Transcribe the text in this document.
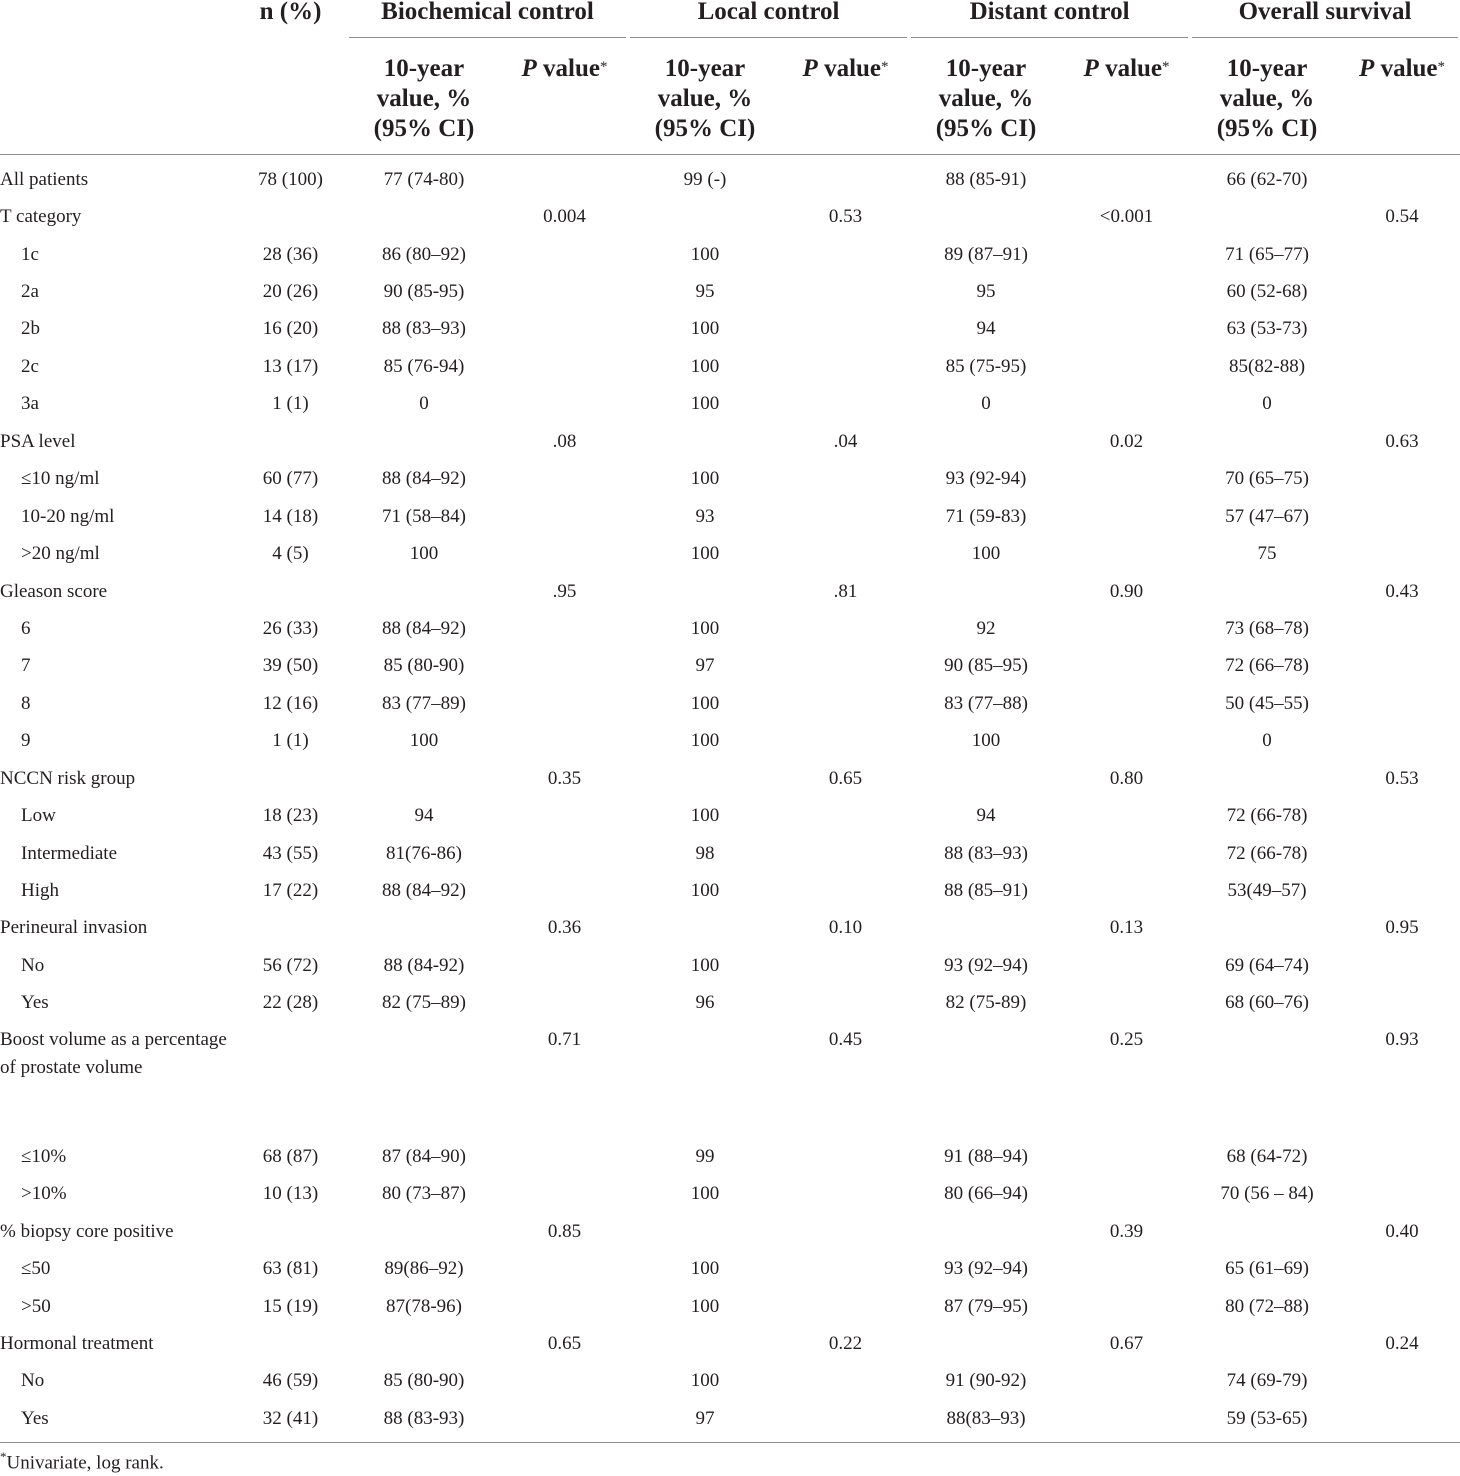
	n (%)	Biochemical control		Local control		Distant control		Overall survival	
		10-year
value, %
(95% CI)	P value*	10-year
value, %
(95% CI)	P value*	10-year
value, %
(95% CI)	P value*	10-year
value, %
(95% CI)	P value*
All patients	78 (100)	77 (74-80)		99 (-)		88 (85-91)		66 (62-70)	
T category			0.004		0.53		<0.001		0.54
1c	28 (36)	86 (80–92)		100		89 (87–91)		71 (65–77)	
2a	20 (26)	90 (85-95)		95		95		60 (52-68)	
2b	16 (20)	88 (83–93)		100		94		63 (53-73)	
2c	13 (17)	85 (76-94)		100		85 (75-95)		85(82-88)	
3a	1 (1)	0		100		0		0	
PSA level			.08		.04		0.02		0.63
≤10 ng/ml	60 (77)	88 (84–92)		100		93 (92-94)		70 (65–75)	
10-20 ng/ml	14 (18)	71 (58–84)		93		71 (59-83)		57 (47–67)	
>20 ng/ml	4 (5)	100		100		100		75	
Gleason score			.95		.81		0.90		0.43
6	26 (33)	88 (84–92)		100		92		73 (68–78)	
7	39 (50)	85 (80-90)		97		90 (85–95)		72 (66–78)	
8	12 (16)	83 (77–89)		100		83 (77–88)		50 (45–55)	
9	1 (1)	100		100		100		0	
NCCN risk group			0.35		0.65		0.80		0.53
Low	18 (23)	94		100		94		72 (66-78)	
Intermediate	43 (55)	81(76-86)		98		88 (83–93)		72 (66-78)	
High	17 (22)	88 (84–92)		100		88 (85–91)		53(49–57)	
Perineural invasion			0.36		0.10		0.13		0.95
No	56 (72)	88 (84-92)		100		93 (92–94)		69 (64–74)	
Yes	22 (28)	82 (75–89)		96		82 (75-89)		68 (60–76)	
Boost volume as a percentage of prostate volume			0.71		0.45		0.25		0.93
≤10%	68 (87)	87 (84–90)		99		91 (88–94)		68 (64-72)	
>10%	10 (13)	80 (73–87)		100		80 (66–94)		70 (56 – 84)	
% biopsy core positive			0.85				0.39		0.40
≤50	63 (81)	89(86–92)		100		93 (92–94)		65 (61–69)	
>50	15 (19)	87(78-96)		100		87 (79–95)		80 (72–88)	
Hormonal treatment			0.65		0.22		0.67		0.24
No	46 (59)	85 (80-90)		100		91 (90-92)		74 (69-79)	
Yes	32 (41)	88 (83-93)		97		88(83–93)		59 (53-65)	
*Univariate, log rank.
